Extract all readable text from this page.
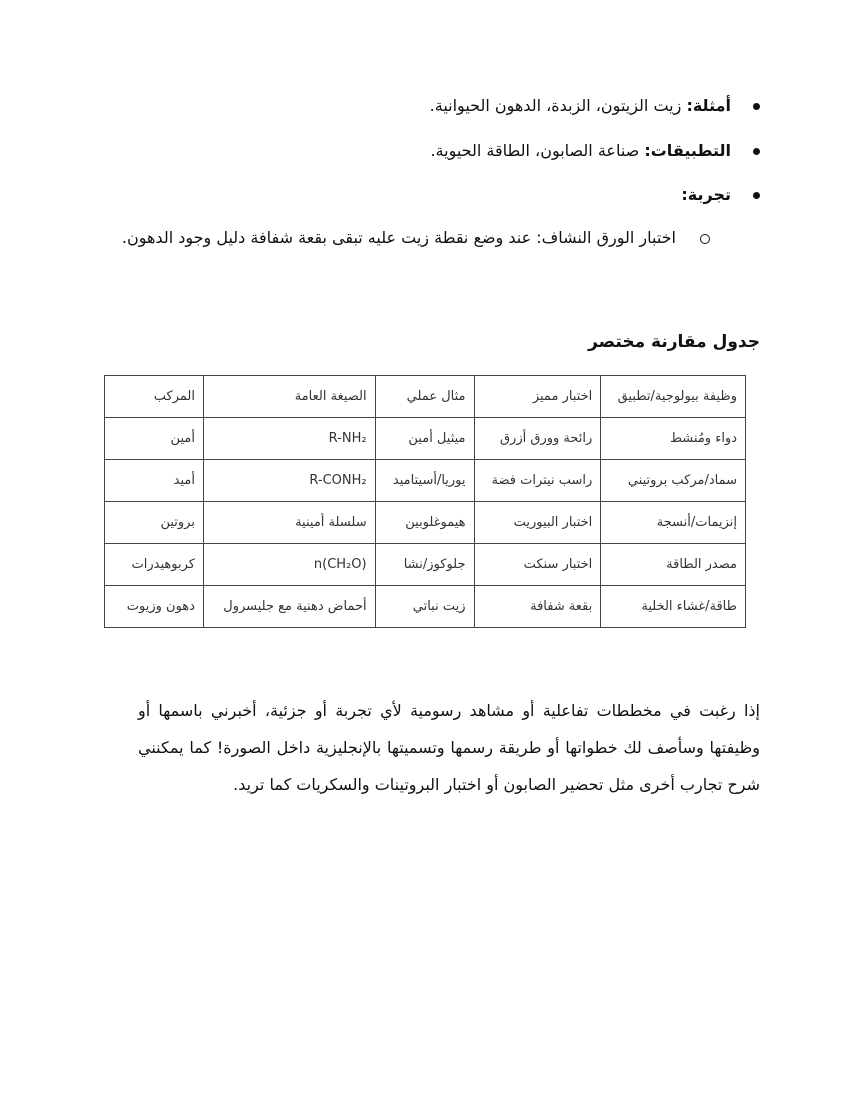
أمثلة: زيت الزيتون، الزبدة، الدهون الحيوانية.
التطبيقات: صناعة الصابون، الطاقة الحيوية.
تجربة:
اختبار الورق النشاف: عند وضع نقطة زيت عليه تبقى بقعة شفافة دليل وجود الدهون.
جدول مقارنة مختصر
وظيفة بيولوجية/تطبيق	اختبار مميز	مثال عملي	الصيغة العامة	المركب
دواء ومُنشط	رائحة وورق أزرق	ميثيل أمين	R-NH₂	أمين
سماد/مركب بروتيني	راسب نيترات فضة	يوريا/أسيتاميد	R-CONH₂	أميد
إنزيمات/أنسجة	اختبار البيوريت	هيموغلوبين	سلسلة أمينية	بروتين
مصدر الطاقة	اختبار سنكت	جلوكوز/نشا	(CH₂O)n	كربوهيدرات
طاقة/غشاء الخلية	بقعة شفافة	زيت نباتي	أحماض دهنية مع جليسرول	دهون وزيوت
إذا رغبت في مخططات تفاعلية أو مشاهد رسومية لأي تجربة أو جزئية، أخبرني باسمها أو وظيفتها وسأصف لك خطواتها أو طريقة رسمها وتسميتها بالإنجليزية داخل الصورة! كما يمكنني شرح تجارب أخرى مثل تحضير الصابون أو اختبار البروتينات والسكريات كما تريد.
